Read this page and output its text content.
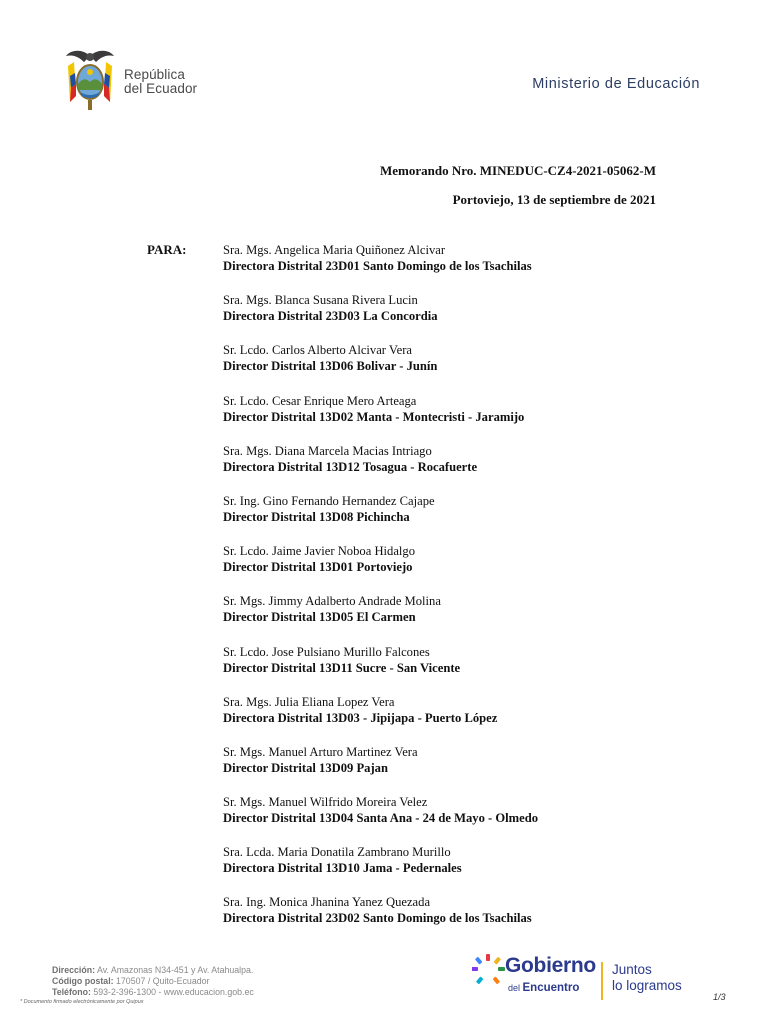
República
del Ecuador	Ministerio de Educación
Memorando Nro. MINEDUC-CZ4-2021-05062-M
Portoviejo, 13 de septiembre de 2021
PARA:	Sra. Mgs. Angelica Maria Quiñonez Alcivar
Directora Distrital 23D01 Santo Domingo de los Tsachilas
Sra. Mgs. Blanca Susana Rivera Lucin
Directora Distrital 23D03 La Concordia
Sr. Lcdo. Carlos Alberto Alcivar Vera
Director Distrital 13D06 Bolivar - Junín
Sr. Lcdo. Cesar Enrique Mero Arteaga
Director Distrital 13D02 Manta - Montecristi - Jaramijo
Sra. Mgs. Diana Marcela Macias Intriago
Directora Distrital 13D12 Tosagua - Rocafuerte
Sr. Ing. Gino Fernando Hernandez Cajape
Director Distrital 13D08 Pichincha
Sr. Lcdo. Jaime Javier Noboa Hidalgo
Director Distrital 13D01 Portoviejo
Sr. Mgs. Jimmy Adalberto Andrade Molina
Director Distrital 13D05 El Carmen
Sr. Lcdo. Jose Pulsiano Murillo Falcones
Director Distrital 13D11 Sucre - San Vicente
Sra. Mgs. Julia Eliana Lopez Vera
Directora Distrital 13D03 - Jipijapa - Puerto López
Sr. Mgs. Manuel Arturo Martinez Vera
Director Distrital 13D09 Pajan
Sr. Mgs. Manuel Wilfrido Moreira Velez
Director Distrital 13D04 Santa Ana - 24 de Mayo - Olmedo
Sra. Lcda. Maria Donatila Zambrano Murillo
Directora Distrital 13D10 Jama - Pedernales
Sra. Ing. Monica Jhanina Yanez Quezada
Directora Distrital 23D02 Santo Domingo de los Tsachilas
Dirección: Av. Amazonas N34-451 y Av. Atahualpa.
Código postal: 170507 / Quito-Ecuador
Teléfono: 593-2-396-1300 - www.educacion.gob.ec
* Documento firmado electrónicamente por Quipux
Gobierno
del Encuentro
Juntos
lo logramos
1/3
